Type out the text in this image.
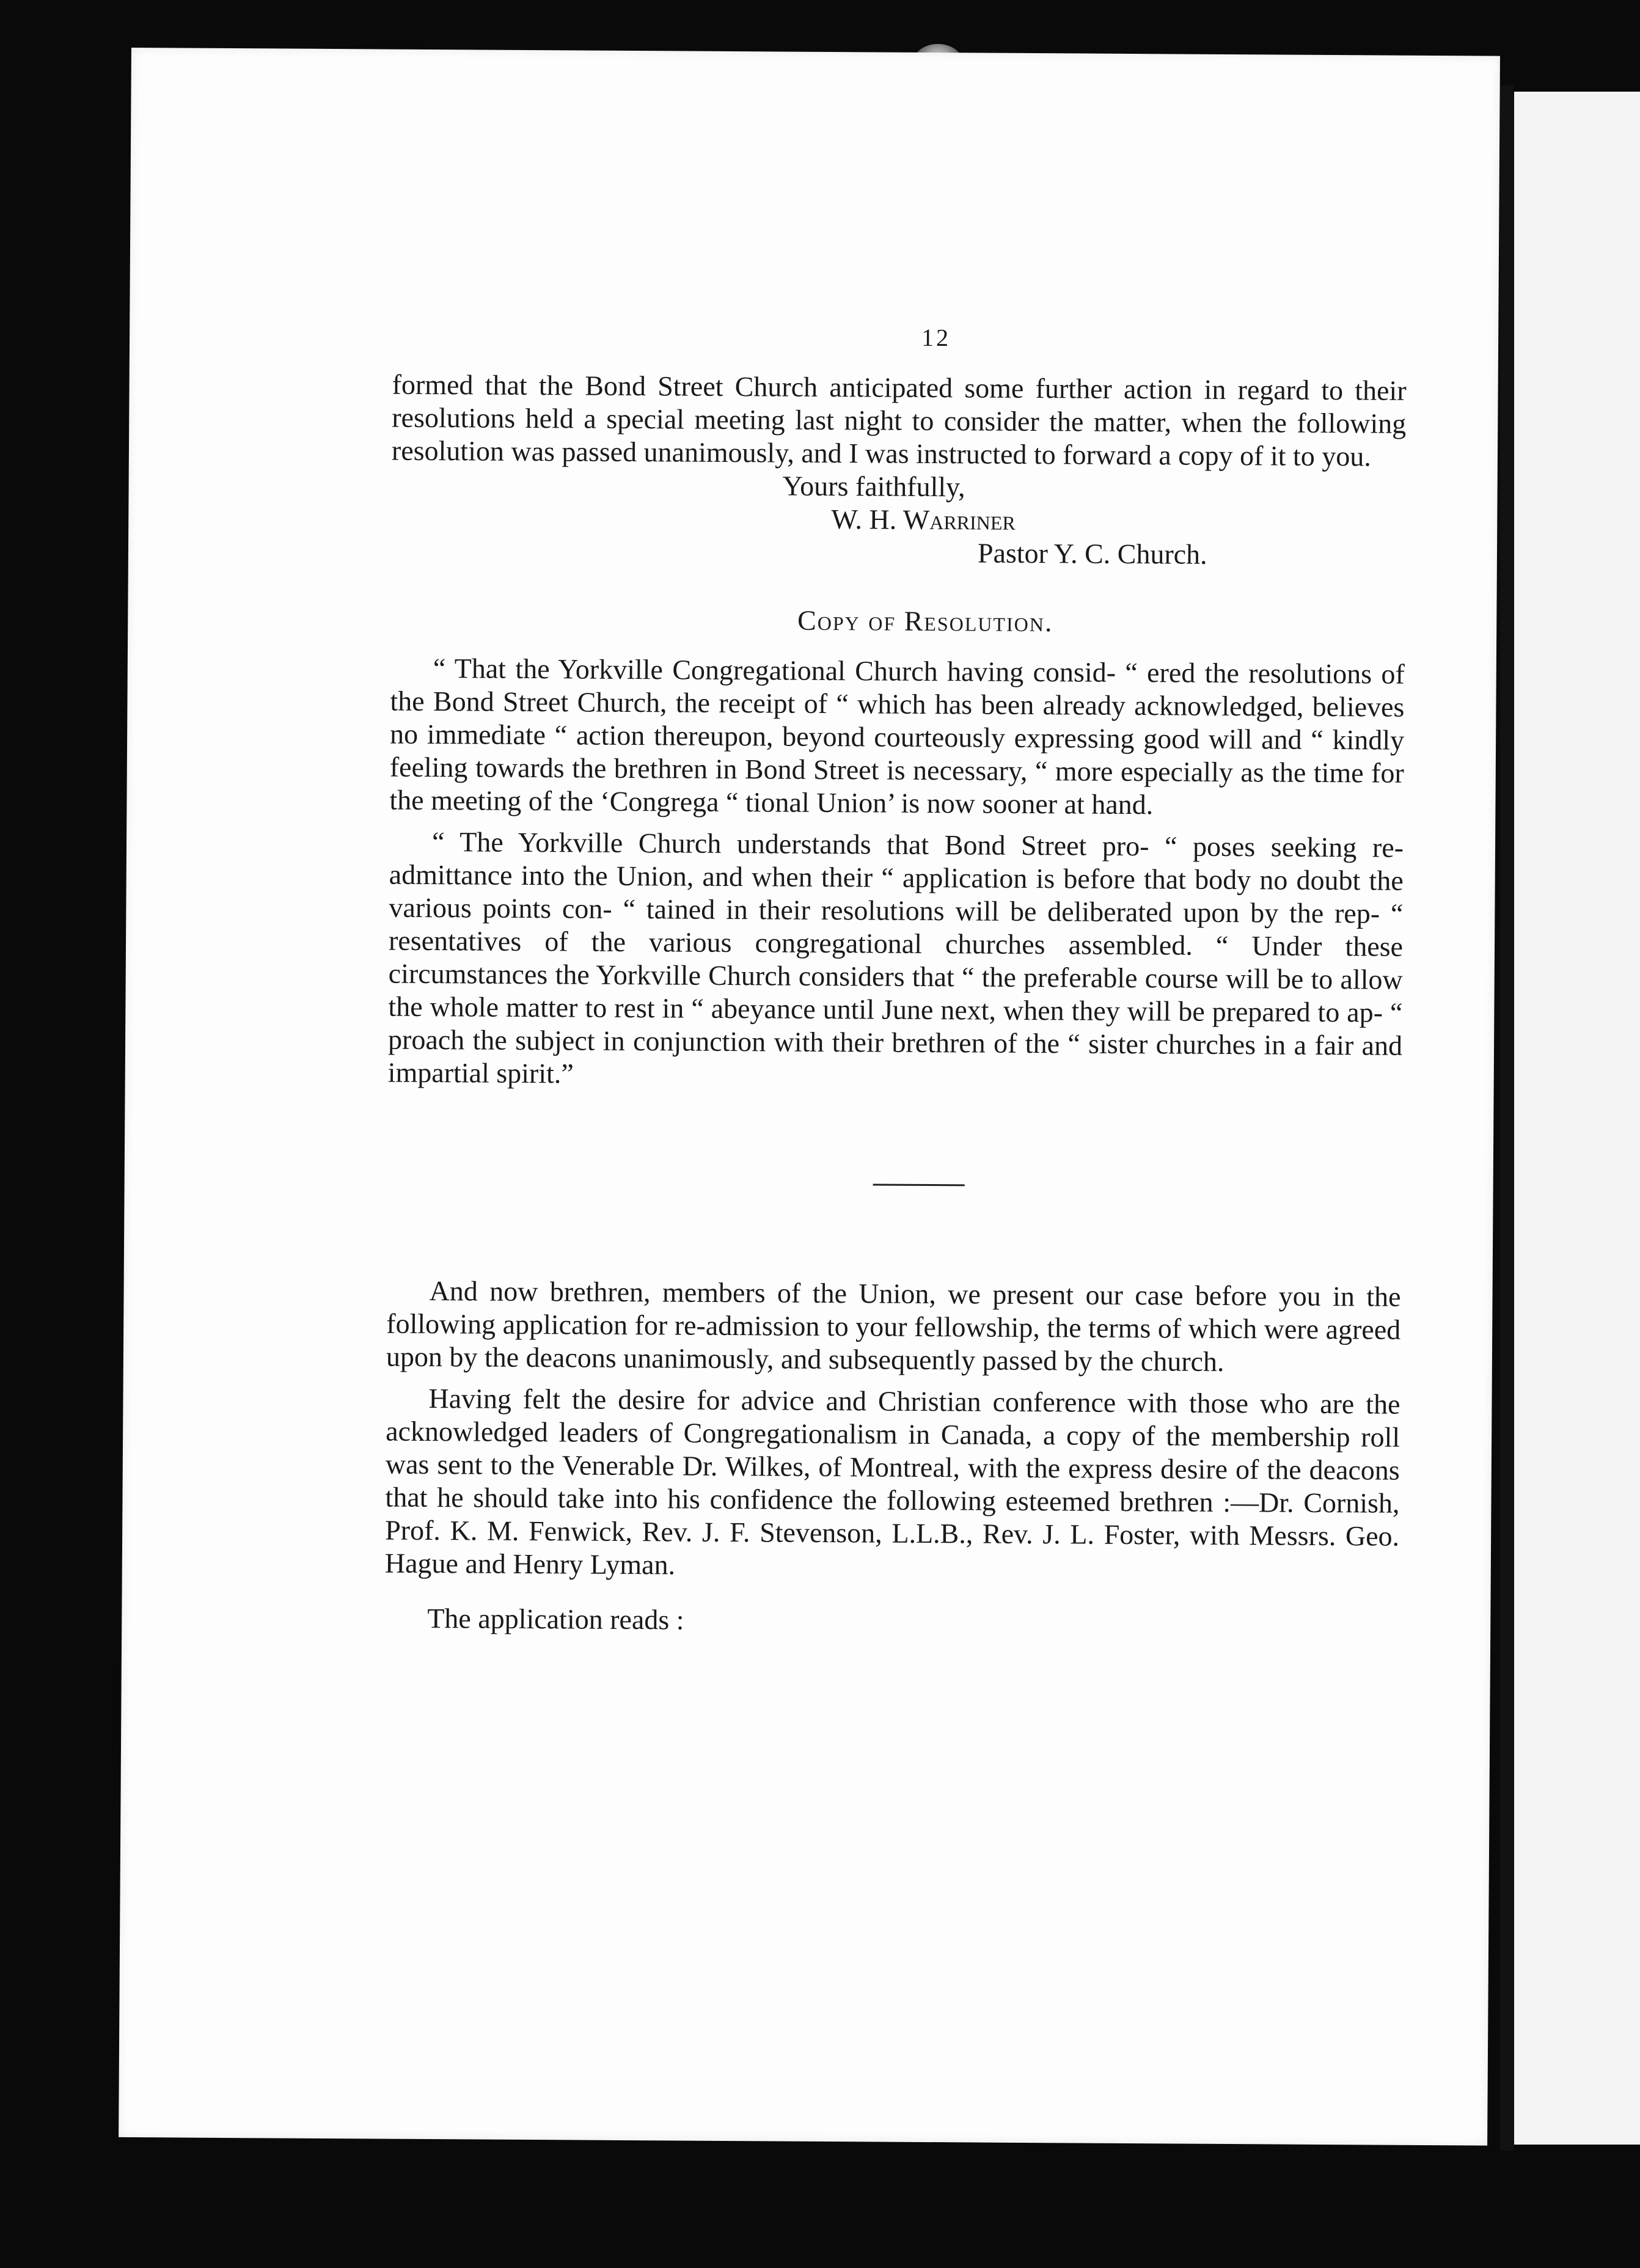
12

formed that the Bond Street Church anticipated some further action in regard to their resolutions held a special meeting last night to consider the matter, when the following resolution was passed unanimously, and I was instructed to forward a copy of it to you.

Yours faithfully,

W. H. Warriner

Pastor Y. C. Church.

Copy of Resolution.

“ That the Yorkville Congregational Church having consid- “ ered the resolutions of the Bond Street Church, the receipt of “ which has been already acknowledged, believes no immediate “ action thereupon, beyond courteously expressing good will and “ kindly feeling towards the brethren in Bond Street is necessary, “ more especially as the time for the meeting of the ‘Congrega “ tional Union’ is now sooner at hand.

“ The Yorkville Church understands that Bond Street pro- “ poses seeking re-admittance into the Union, and when their “ application is before that body no doubt the various points con- “ tained in their resolutions will be deliberated upon by the rep- “ resentatives of the various congregational churches assembled. “ Under these circumstances the Yorkville Church considers that “ the preferable course will be to allow the whole matter to rest in “ abeyance until June next, when they will be prepared to ap- “ proach the subject in conjunction with their brethren of the “ sister churches in a fair and impartial spirit.”

And now brethren, members of the Union, we present our case before you in the following application for re-admission to your fellowship, the terms of which were agreed upon by the deacons unanimously, and subsequently passed by the church.

Having felt the desire for advice and Christian conference with those who are the acknowledged leaders of Congregationalism in Canada, a copy of the membership roll was sent to the Venerable Dr. Wilkes, of Montreal, with the express desire of the deacons that he should take into his confidence the following esteemed brethren :—Dr. Cornish, Prof. K. M. Fenwick, Rev. J. F. Stevenson, L.L.B., Rev. J. L. Foster, with Messrs. Geo. Hague and Henry Lyman.

The application reads :
